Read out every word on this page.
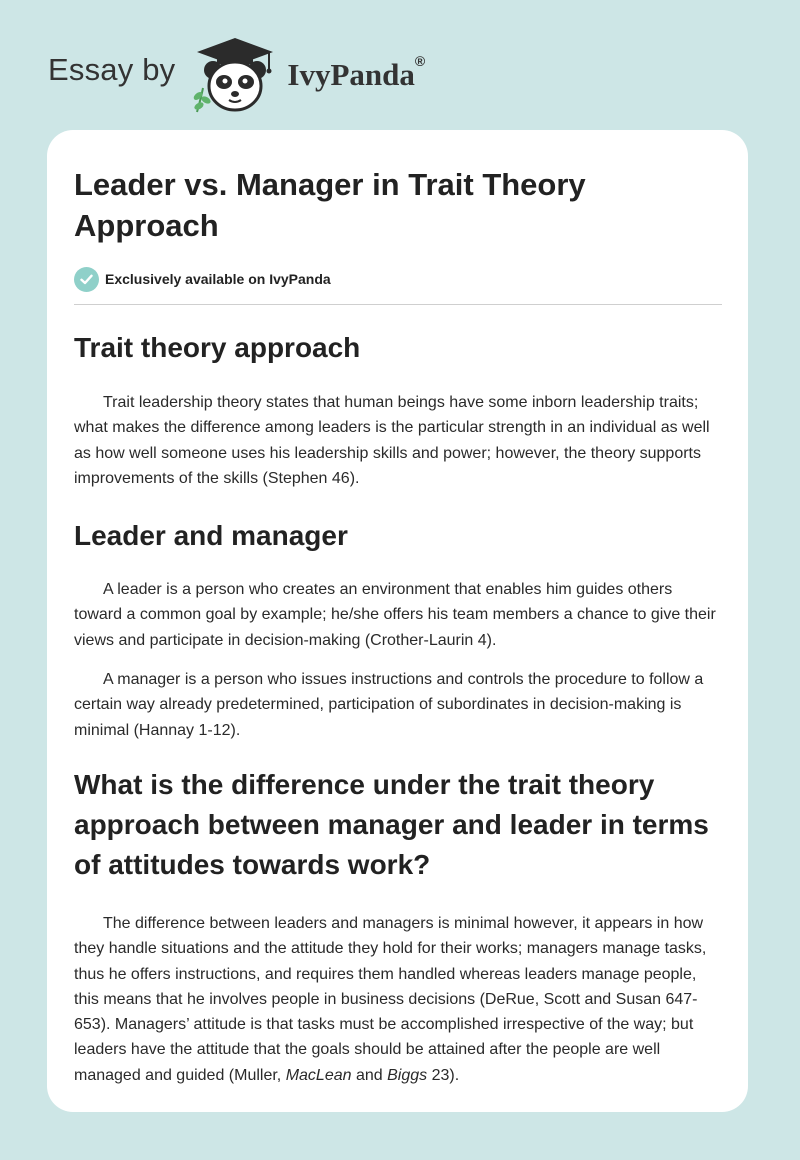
Essay by	IvyPanda®
Leader vs. Manager in Trait Theory Approach
Exclusively available on IvyPanda
Trait theory approach

Trait leadership theory states that human beings have some inborn leadership traits; what makes the difference among leaders is the particular strength in an individual as well as how well someone uses his leadership skills and power; however, the theory supports improvements of the skills (Stephen 46).

Leader and manager

A leader is a person who creates an environment that enables him guides others toward a common goal by example; he/she offers his team members a chance to give their views and participate in decision-making (Crother-Laurin 4).

A manager is a person who issues instructions and controls the procedure to follow a certain way already predetermined, participation of subordinates in decision-making is minimal (Hannay 1-12).

What is the difference under the trait theory approach between manager and leader in terms of attitudes towards work?

The difference between leaders and managers is minimal however, it appears in how they handle situations and the attitude they hold for their works; managers manage tasks, thus he offers instructions, and requires them handled whereas leaders manage people, this means that he involves people in business decisions (DeRue, Scott and Susan 647-653). Managers’ attitude is that tasks must be accomplished irrespective of the way; but leaders have the attitude that the goals should be attained after the people are well managed and guided (Muller, MacLean and Biggs 23).
